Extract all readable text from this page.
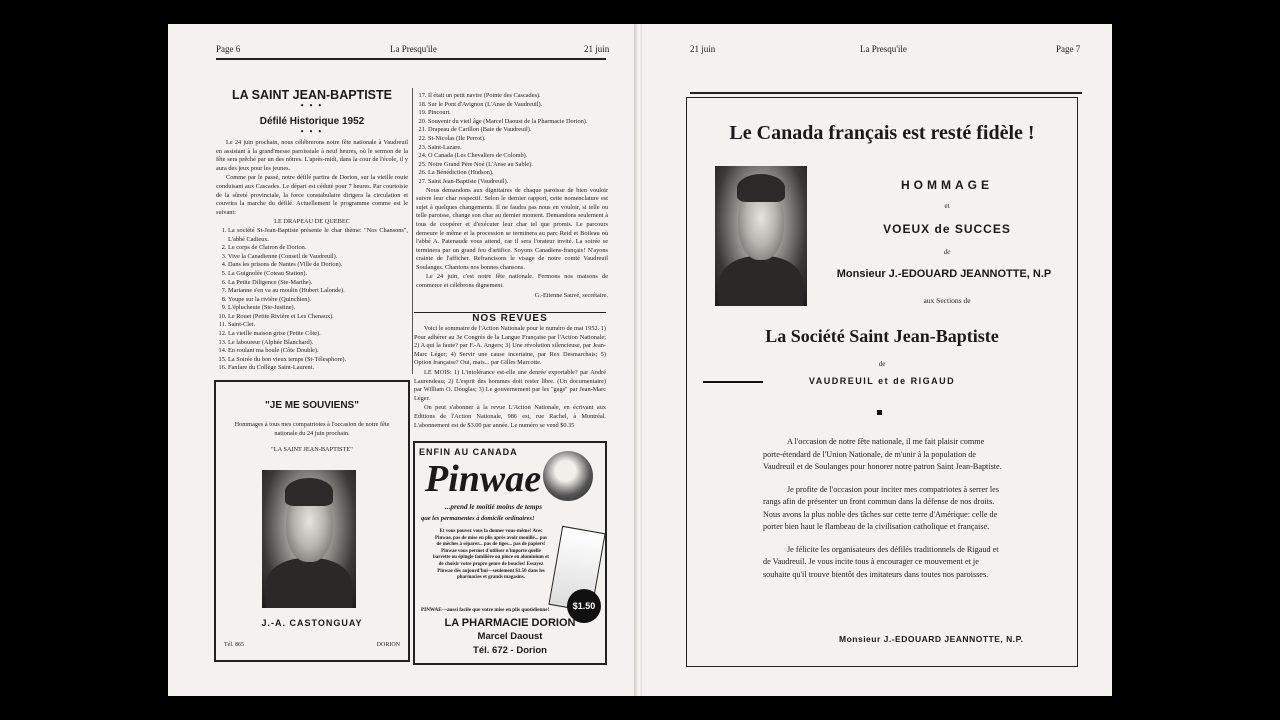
Page 6	La Presqu'ile	21 juin
LA SAINT JEAN-BAPTISTE
• • •
Défilé Historique 1952
• • •

Le 24 juin prochain, nous célébrerons notre fête nationale à Vaudreuil en assistant à la grand'messe paroissiale à neuf heures, où le sermon de la fête sera prêché par un des nôtres. L'après-midi, dans la cour de l'école, il y aura des jeux pour les jeunes.

Comme par le passé, notre défilé partira de Dorion, sur la vieille route conduisant aux Cascades. Le départ est céduté pour 7 heures. Par courtoisie de la sûreté provinciale, la force constabulaire dirigera la circulation et couvrira la marche du défilé. Actuellement le programme comme est le suivant:

LE DRAPEAU DE QUEBEC
1. La société St-Jean-Baptiste présente le char thème: "Nos Chansons", L'abbé Cadieux.
2. Le corps de Clairon de Dorion.
3. Vive la Canadienne (Conseil de Vaudreuil).
4. Dans les prisons de Nantes (Ville de Dorion).
5. La Guignolée (Coteau Station).
6. La Petite Diligence (Ste-Marthe).
7. Marianne s'en va au moulin (Hubert Lalonde).
8. Youpe sur la rivière (Quinchien).
9. L'éplucheute (Ste-Justine).
10. Le Rouet (Petite Rivière et Les Chenaux).
11. Saint-Clet.
12. La vieille maison grise (Petite Côte).
13. Le laboureur (Alphée Blanchard).
14. En roulant ma boule (Côte Double).
15. La Soirée du bon vieux temps (St-Télesphore).
16. Fanfare du Collège Saint-Laurent.
17. Il était un petit navire (Pointe des Cascades).
18. Sur le Pont d'Avignon (L'Anse de Vaudreuil).
19. Pincourt.
20. Souvenir du vieil âge (Marcel Daoust de la Pharmacie Dorion).
21. Drapeau de Carillon (Baie de Vaudreuil).
22. St-Nicolas (Ile Perrot).
23. Saint-Lazare.
24. O Canada (Les Chevaliers de Colomb).
25. Notre Grand Père Noé (L'Anse au Sable).
26. La Bénédiction (Hudson).
27. Saint Jean-Baptiste (Vaudreuil).

Nous demandons aux dignitaires de chaque paroisse de bien vouloir suivre leur char respectif. Selon le dernier rapport, cette nomenclature est sujet à quelques changements. Il ne faudra pas nous en vouloir, si telle ou telle paroisse, change son char au dernier moment. Demandons seulement à tous de coopérer et d'exécuter leur char tel que promis. Le parcours demeure le même et la procession se terminera au parc Reid et Boileau où l'abbé A. Patenaude vous attend, car il sera l'orateur invité. La soirée se terminera par un grand feu d'artifice. Soyons Canadiens-français! N'ayons crainte de l'afficher. Refrancisons le visage de notre comté Vaudreuil Soulanges. Chantons nos bonnes chansons.

Le 24 juin, c'est notre fête nationale. Fermons nos maisons de commerce et célébrons dignement.

G.-Etienne Sauvé, secrétaire.
NOS REVUES

Voici le sommaire de l'Action Nationale pour le numéro de mai 1952. 1) Pour adhérer au 3e Congrès de la Langue Française par l'Action Nationale; 2) A qui la faute? par F.-A. Angers; 3) Une révolution silencieuse, par Jean-Marc Léger; 4) Servir une cause incertaine, par Rex Desmarchais; 5) Option française? Oui, mais... par Gilles Marcotte.

LE MOIS: 1) L'intolérance est-elle une denrée exportable? par André Laurendeau; 2) L'esprit des hommes doit rester libre. (Un documentaire) par William O. Douglas; 3) Le gouvernement par les "gags" par Jean-Marc Léger.

On peut s'abonner à la revue L'Action Nationale, en écrivant aux Editions de l'Action Nationale, 986 est, rue Rachel, à Montréal. L'abonnement est de $3.00 par année. Le numéro se vend $0.35

"JE ME SOUVIENS"
Hommages à tous mes compatriotes à l'occasion de notre fête nationale du 24 juin prochain.
"LA SAINT JEAN-BAPTISTE"
J.-A. CASTONGUAY
Tél. 865	DORION
ENFIN AU CANADA
Pinwae
...prend le moitié moins de temps
que les permanentes à domicile ordinaires!
Et vous pouvez vous la donner vous-même! Avec Pinwae, pas de mise en plis après avoir mouillé... pas de mèches à séparer... pas de tiges... pas de papiers! Pinwae vous permet d'utiliser n'importe quelle barrette ou épingle familière ou pince en aluminium et de choisir votre propre genre de boucles! Essayez Pinwae dès aujourd'hui—seulement $1.50 dans les pharmacies et grands magasins.
$1.50
PINWAE—aussi facile que votre mise en plis quotidienne!
LA PHARMACIE DORION
Marcel Daoust
Tél. 672 - Dorion
21 juin	La Presqu'ile	Page 7
Le Canada français est resté fidèle !
HOMMAGE
et
VOEUX de SUCCES
de
Monsieur J.-EDOUARD JEANNOTTE, N.P
aux Sections de
La Société Saint Jean-Baptiste
de
VAUDREUIL et de RIGAUD

A l'occasion de notre fête nationale, il me fait plaisir comme porte-étendard de l'Union Nationale, de m'unir à la population de Vaudreuil et de Soulanges pour honorer notre patron Saint Jean-Baptiste.

Je profite de l'occasion pour inciter mes compatriotes à serrer les rangs afin de présenter un front commun dans la défense de nos droits. Nous avons la plus noble des tâches sur cette terre d'Amérique: celle de porter bien haut le flambeau de la civilisation catholique et française.

Je félicite les organisateurs des défilés traditionnels de Rigaud et de Vaudreuil. Je vous incite tous à encourager ce mouvement et je souhaite qu'il trouve bientôt des imitateurs dans toutes nos paroisses.

Monsieur J.-EDOUARD JEANNOTTE, N.P.
